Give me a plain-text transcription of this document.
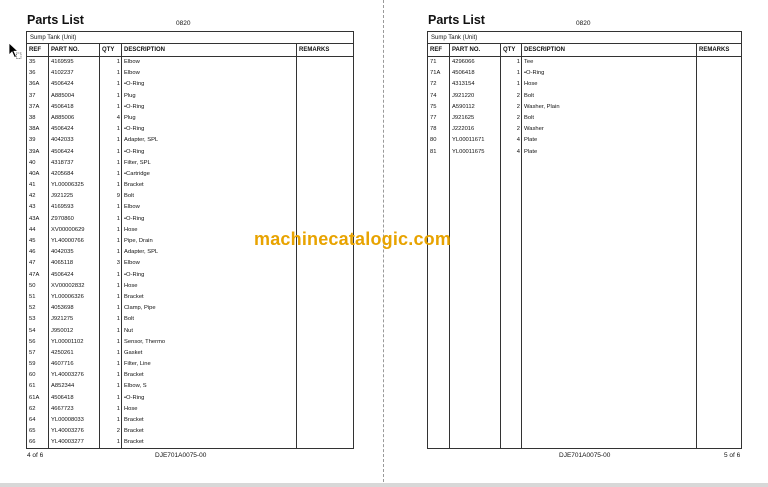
Parts List	0820
Sump Tank (Unit)
REF	PART NO.	QTY	DESCRIPTION	REMARKS
35	4169595	1 Elbow
36	4102237	1 Elbow
36A	4506424	1 •O-Ring
37	A885004	1 Plug
37A	4506418	1 •O-Ring
38	A885006	4 Plug
38A	4506424	1 •O-Ring
39	4042033	1 Adapter, SPL
39A	4506424	1 •O-Ring
40	4318737	1 Filter, SPL
40A	4205684	1 •Cartridge
41	YL00006325	1 Bracket
42	J921225	9 Bolt
43	4169593	1 Elbow
43A	Z970860	1 •O-Ring
44	XV00000629	1 Hose
45	YL40000766	1 Pipe, Drain
46	4042035	1 Adapter, SPL
47	4065118	3 Elbow
47A	4506424	1 •O-Ring
50	XV00002832	1 Hose
51	YL00006326	1 Bracket
52	4053698	1 Clamp, Pipe
53	J921275	1 Bolt
54	J950012	1 Nut
56	YL00001102	1 Sensor, Thermo
57	4250261	1 Gasket
59	4607716	1 Filter, Line
60	YL40003276	1 Bracket
61	A852344	1 Elbow, S
61A	4506418	1 •O-Ring
62	4667723	1 Hose
64	YL00008033	1 Bracket
65	YL40003276	2 Bracket
66	YL40003277	1 Bracket
4 of 6	DJE701A0075-00
Parts List	0820
Sump Tank (Unit)
REF	PART NO.	QTY	DESCRIPTION	REMARKS
71	4296066	1 Tee
71A	4506418	1 •O-Ring
72	4313154	1 Hose
74	J921220	2 Bolt
75	A590112	2 Washer, Plain
77	J921625	2 Bolt
78	J222016	2 Washer
80	YL00011671	4 Plate
81	YL00011675	4 Plate
DJE701A0075-00	5 of 6
machinecatalogic.com
